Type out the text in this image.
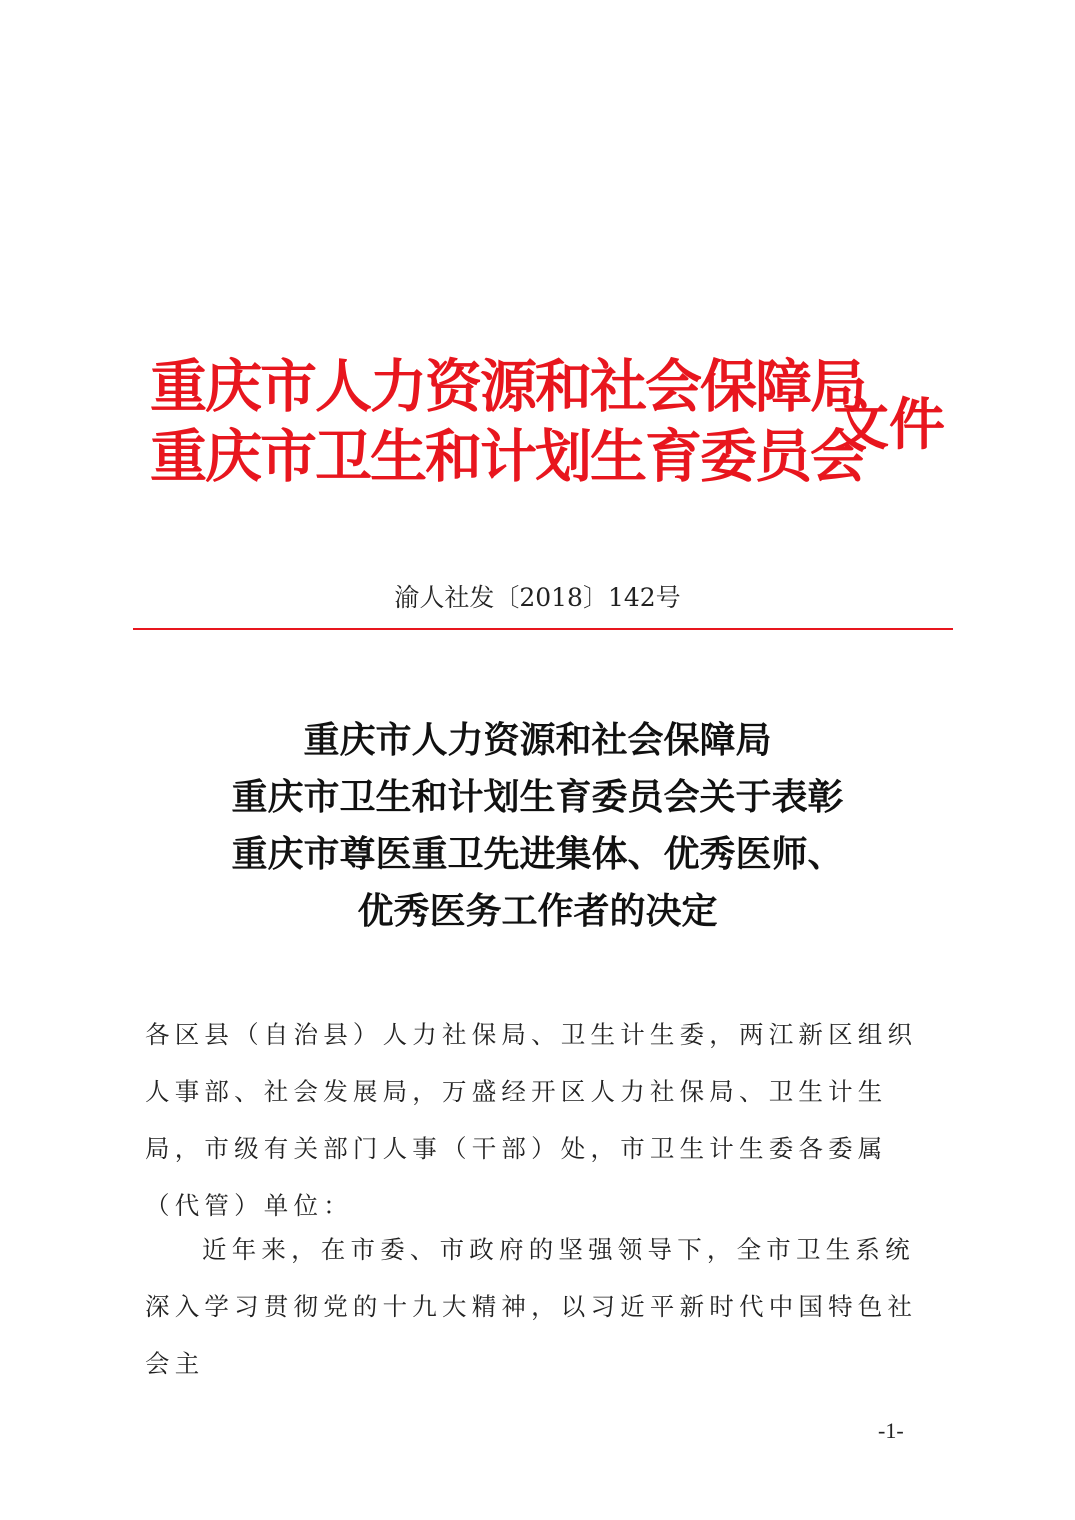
重庆市人力资源和社会保障局
重庆市卫生和计划生育委员会
文件
渝人社发〔2018〕142号
重庆市人力资源和社会保障局
重庆市卫生和计划生育委员会关于表彰
重庆市尊医重卫先进集体、优秀医师、
优秀医务工作者的决定
各区县（自治县）人力社保局、卫生计生委，两江新区组织人事部、社会发展局，万盛经开区人力社保局、卫生计生局，市级有关部门人事（干部）处，市卫生计生委各委属（代管）单位：
近年来，在市委、市政府的坚强领导下，全市卫生系统深入学习贯彻党的十九大精神，以习近平新时代中国特色社会主
-1-
